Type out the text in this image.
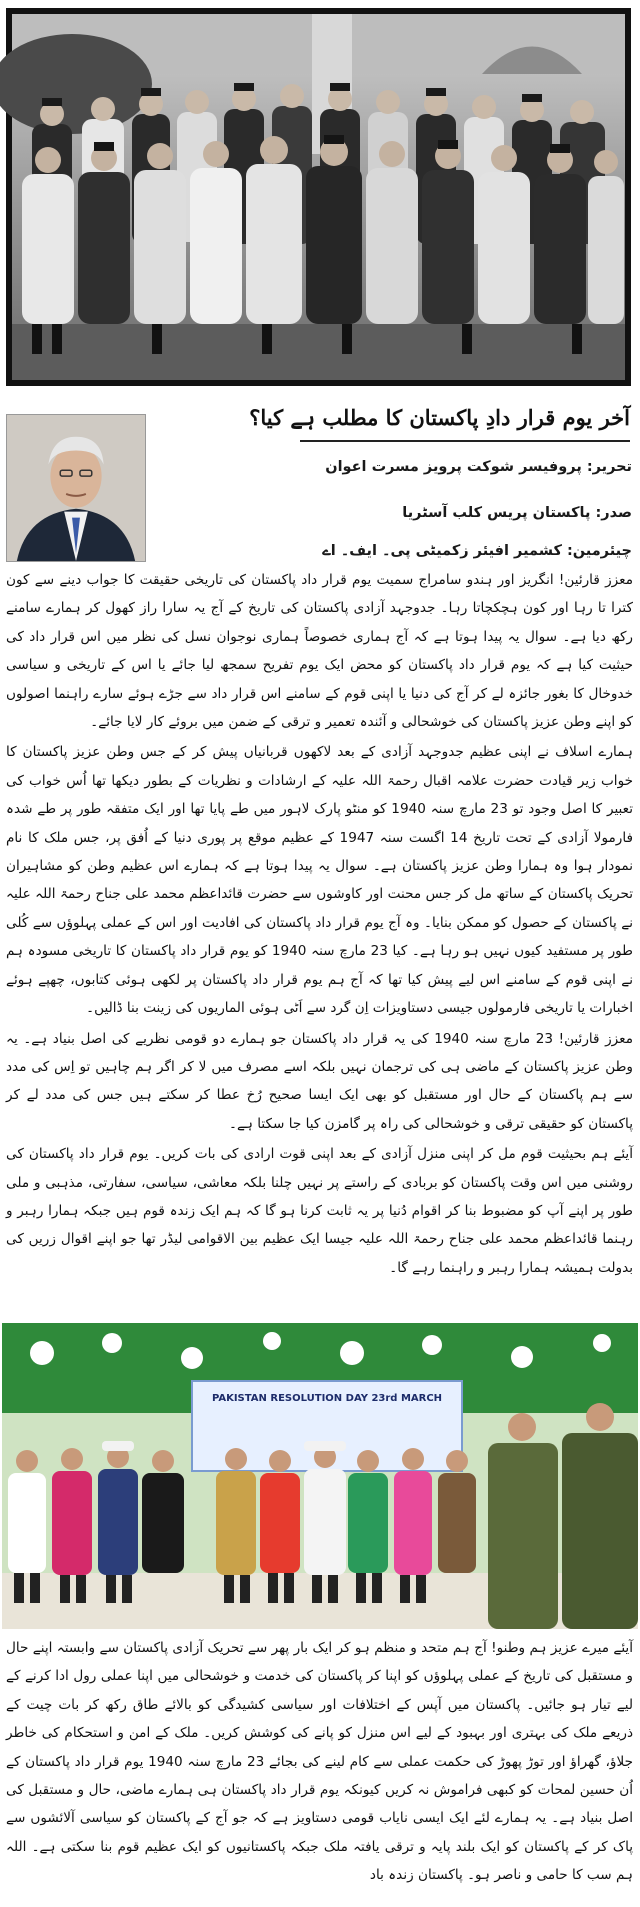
آخر یوم قرار دادِ پاکستان کا مطلب ہے کیا؟
تحریر: پروفیسر شوکت پرویز مسرت اعوان
صدر: پاکستان پریس کلب آسٹریا
چیئرمین: کشمیر افیئر زکمیٹی پی۔ ایف۔ اے

معزز قارئین! انگریز اور ہندو سامراج سمیت یوم قرار داد پاکستان کی تاریخی حقیقت کا جواب دینے سے کون کترا تا رہا اور کون ہچکچاتا رہا۔ جدوجہد آزادی پاکستان کی تاریخ کے آج یہ سارا راز کھول کر ہمارے سامنے رکھ دیا ہے۔ سوال یہ پیدا ہوتا ہے کہ آج ہماری خصوصاً ہماری نوجوان نسل کی نظر میں اس قرار داد کی حیثیت کیا ہے کہ یوم قرار داد پاکستان کو محض ایک یوم تفریح سمجھ لیا جائے یا اس کے تاریخی و سیاسی خدوخال کا بغور جائزہ لے کر آج کی دنیا یا اپنی قوم کے سامنے اس قرار داد سے جڑے ہوئے سارے راہنما اصولوں کو اپنے وطن عزیز پاکستان کی خوشحالی و آئندہ تعمیر و ترقی کے ضمن میں بروئے کار لایا جائے۔

ہمارے اسلاف نے اپنی عظیم جدوجہد آزادی کے بعد لاکھوں قربانیاں پیش کر کے جس وطن عزیز پاکستان کا خواب زیر قیادت حضرت علامہ اقبال رحمۃ اللہ علیہ کے ارشادات و نظریات کے بطور دیکھا تھا اُس خواب کی تعبیر کا اصل وجود تو 23 مارچ سنہ 1940 کو منٹو پارک لاہور میں طے پایا تھا اور ایک متفقہ طور پر طے شدہ فارمولا آزادی کے تحت تاریخ 14 اگست سنہ 1947 کے عظیم موقع پر پوری دنیا کے اُفق پر، جس ملک کا نام نمودار ہوا وہ ہمارا وطن عزیز پاکستان ہے۔ سوال یہ پیدا ہوتا ہے کہ ہمارے اس عظیم وطن کو مشاہیران تحریک پاکستان کے ساتھ مل کر جس محنت اور کاوشوں سے حضرت قائداعظم محمد علی جناح رحمۃ اللہ علیہ نے پاکستان کے حصول کو ممکن بنایا۔ وہ آج یوم قرار داد پاکستان کی افادیت اور اس کے عملی پہلوؤں سے کُلی طور پر مستفید کیوں نہیں ہو رہا ہے۔ کیا 23 مارچ سنہ 1940 کو یوم قرار داد پاکستان کا تاریخی مسودہ ہم نے اپنی قوم کے سامنے اس لیے پیش کیا تھا کہ آج ہم یوم قرار داد پاکستان پر لکھی ہوئی کتابوں، چھپے ہوئے اخبارات یا تاریخی فارمولوں جیسی دستاویزات اِن گرد سے اَٹی ہوئی الماریوں کی زینت بنا ڈالیں۔

معزز قارئین! 23 مارچ سنہ 1940 کی یہ قرار داد پاکستان جو ہمارے دو قومی نظریے کی اصل بنیاد ہے۔ یہ وطن عزیز پاکستان کے ماضی ہی کی ترجمان نہیں بلکہ اسے مصرف میں لا کر اگر ہم چاہیں تو اِس کی مدد سے ہم پاکستان کے حال اور مستقبل کو بھی ایک ایسا صحیح رُخ عطا کر سکتے ہیں جس کی مدد لے کر پاکستان کو حقیقی ترقی و خوشحالی کی راہ پر گامزن کیا جا سکتا ہے۔

آیئے ہم بحیثیت قوم مل کر اپنی منزل آزادی کے بعد اپنی قوت ارادی کی بات کریں۔ یوم قرار داد پاکستان کی روشنی میں اس وقت پاکستان کو بربادی کے راستے پر نہیں چلنا بلکہ معاشی، سیاسی، سفارتی، مذہبی و ملی طور پر اپنے آپ کو مضبوط بنا کر اقوام دُنیا پر یہ ثابت کرنا ہو گا کہ ہم ایک زندہ قوم ہیں جبکہ ہمارا رہبر و رہنما قائداعظم محمد علی جناح رحمۃ اللہ علیہ جیسا ایک عظیم بین الاقوامی لیڈر تھا جو اپنے اقوال زریں کی بدولت ہمیشہ ہمارا رہبر و راہنما رہے گا۔

PAKISTAN RESOLUTION DAY 23rd MARCH

آیئے میرے عزیز ہم وطنو! آج ہم متحد و منظم ہو کر ایک بار پھر سے تحریک آزادی پاکستان سے وابستہ اپنے حال و مستقبل کی تاریخ کے عملی پہلوؤں کو اپنا کر پاکستان کی خدمت و خوشحالی میں اپنا عملی رول ادا کرنے کے لیے تیار ہو جائیں۔ پاکستان میں آپس کے اختلافات اور سیاسی کشیدگی کو بالائے طاق رکھ کر بات چیت کے ذریعے ملک کی بہتری اور بہبود کے لیے اس منزل کو پانے کی کوشش کریں۔ ملک کے امن و استحکام کی خاطر جلاؤ، گھراؤ اور توڑ پھوڑ کی حکمت عملی سے کام لینے کی بجائے 23 مارچ سنہ 1940 یوم قرار داد پاکستان کے اُن حسین لمحات کو کبھی فراموش نہ کریں کیونکہ یوم قرار داد پاکستان ہی ہمارے ماضی، حال و مستقبل کی اصل بنیاد ہے۔ یہ ہمارے لئے ایک ایسی نایاب قومی دستاویز ہے کہ جو آج کے پاکستان کو سیاسی آلائشوں سے پاک کر کے پاکستان کو ایک بلند پایہ و ترقی یافتہ ملک جبکہ پاکستانیوں کو ایک عظیم قوم بنا سکتی ہے۔ اللہ ہم سب کا حامی و ناصر ہو۔ پاکستان زندہ باد
